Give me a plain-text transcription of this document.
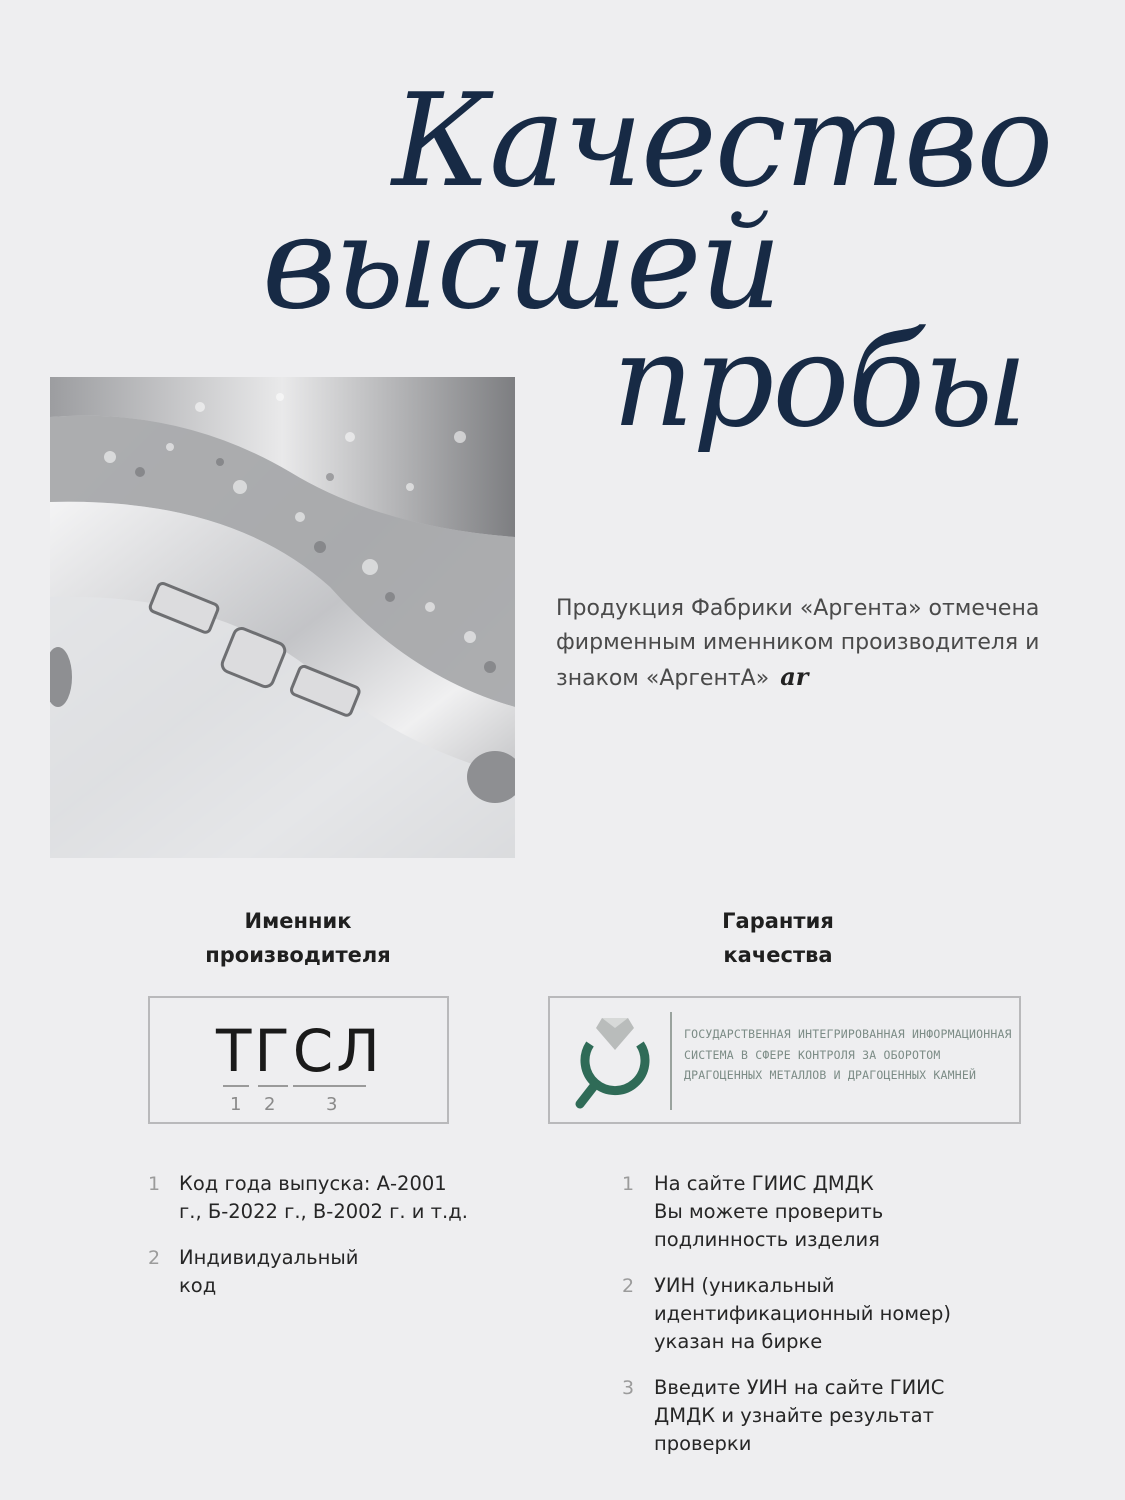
Качество
высшей
пробы
Продукция Фабрики «Аргента» отмечена фирменным именником производителя и знаком «АргентА» ar
Именник
производителя
Гарантия
качества
ТГСЛ
1 2	3
ГОСУДАРСТВЕННАЯ ИНТЕГРИРОВАННАЯ ИНФОРМАЦИОННАЯ СИСТЕМА В СФЕРЕ КОНТРОЛЯ ЗА ОБОРОТОМ ДРАГОЦЕННЫХ МЕТАЛЛОВ И ДРАГОЦЕННЫХ КАМНЕЙ
1 Код года выпуска: А-2001 г., Б-2022 г., В-2002 г. и т.д.
2 Индивидуальный код
1	На сайте ГИИС ДМДК Вы можете проверить подлинность изделия
2	УИН (уникальный идентификационный номер) указан на бирке
3	Введите УИН на сайте ГИИС ДМДК и узнайте результат проверки
